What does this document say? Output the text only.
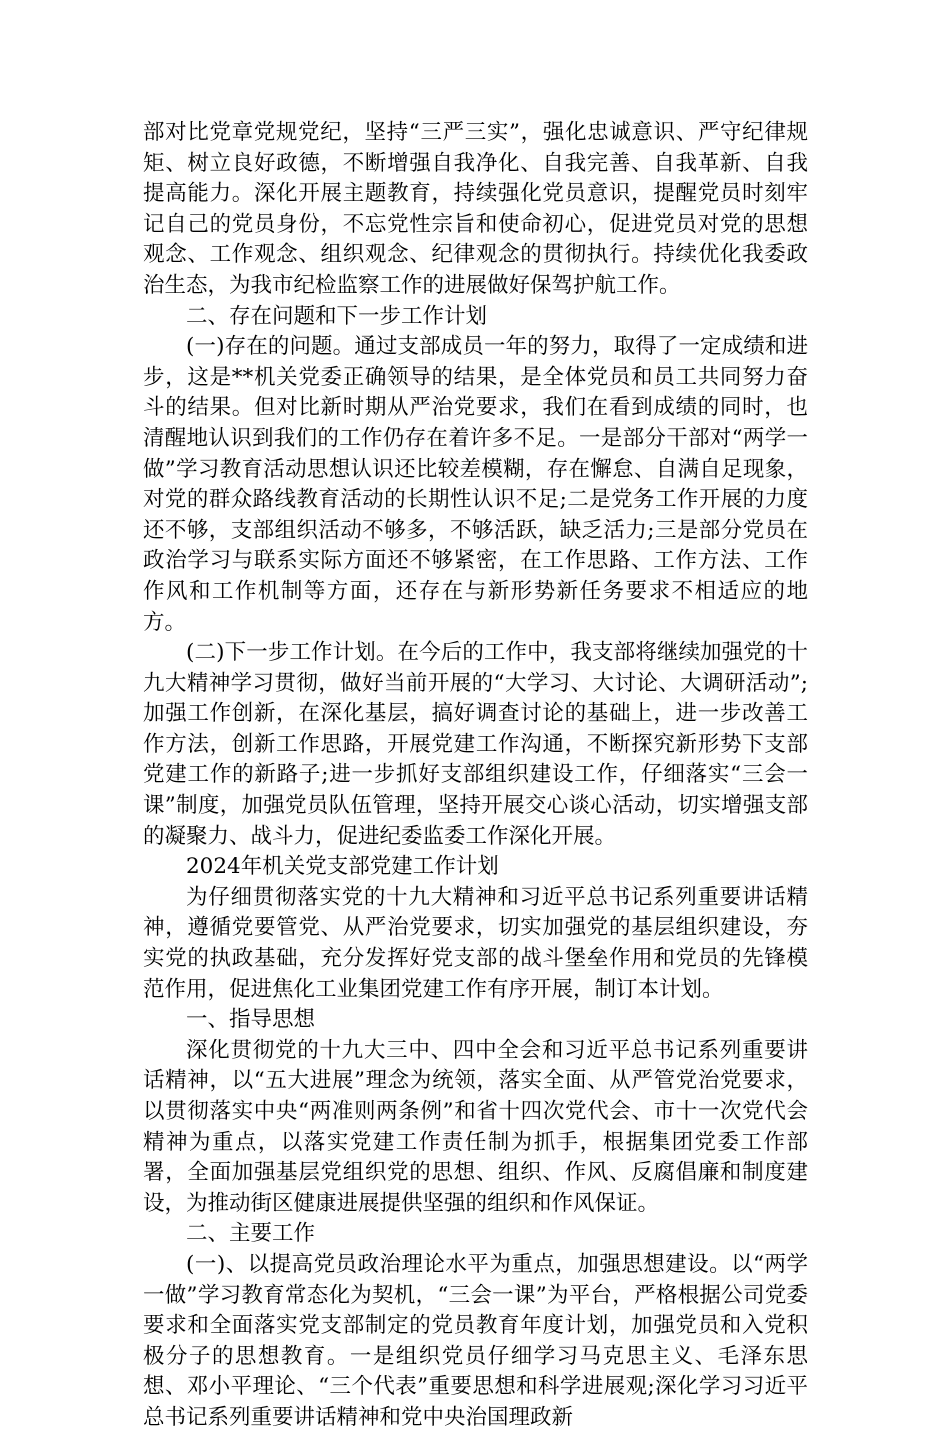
部对比党章党规党纪，坚持“三严三实”，强化忠诚意识、严守纪律规矩、树立良好政德，不断增强自我净化、自我完善、自我革新、自我提高能力。深化开展主题教育，持续强化党员意识，提醒党员时刻牢记自己的党员身份，不忘党性宗旨和使命初心，促进党员对党的思想观念、工作观念、组织观念、纪律观念的贯彻执行。持续优化我委政治生态，为我市纪检监察工作的进展做好保驾护航工作。

二、存在问题和下一步工作计划

(一)存在的问题。通过支部成员一年的努力，取得了一定成绩和进步，这是**机关党委正确领导的结果，是全体党员和员工共同努力奋斗的结果。但对比新时期从严治党要求，我们在看到成绩的同时，也清醒地认识到我们的工作仍存在着许多不足。一是部分干部对“两学一做”学习教育活动思想认识还比较差模糊，存在懈怠、自满自足现象，对党的群众路线教育活动的长期性认识不足;二是党务工作开展的力度还不够，支部组织活动不够多，不够活跃，缺乏活力;三是部分党员在政治学习与联系实际方面还不够紧密，在工作思路、工作方法、工作作风和工作机制等方面，还存在与新形势新任务要求不相适应的地方。

(二)下一步工作计划。在今后的工作中，我支部将继续加强党的十九大精神学习贯彻，做好当前开展的“大学习、大讨论、大调研活动”;加强工作创新，在深化基层，搞好调查讨论的基础上，进一步改善工作方法，创新工作思路，开展党建工作沟通，不断探究新形势下支部党建工作的新路子;进一步抓好支部组织建设工作，仔细落实“三会一课”制度，加强党员队伍管理，坚持开展交心谈心活动，切实增强支部的凝聚力、战斗力，促进纪委监委工作深化开展。

2024年机关党支部党建工作计划

为仔细贯彻落实党的十九大精神和习近平总书记系列重要讲话精神，遵循党要管党、从严治党要求，切实加强党的基层组织建设，夯实党的执政基础，充分发挥好党支部的战斗堡垒作用和党员的先锋模范作用，促进焦化工业集团党建工作有序开展，制订本计划。

一、指导思想

深化贯彻党的十九大三中、四中全会和习近平总书记系列重要讲话精神，以“五大进展”理念为统领，落实全面、从严管党治党要求，以贯彻落实中央“两准则两条例”和省十四次党代会、市十一次党代会精神为重点，以落实党建工作责任制为抓手，根据集团党委工作部署，全面加强基层党组织党的思想、组织、作风、反腐倡廉和制度建设，为推动街区健康进展提供坚强的组织和作风保证。

二、主要工作

(一)、以提高党员政治理论水平为重点，加强思想建设。以“两学一做”学习教育常态化为契机，“三会一课”为平台，严格根据公司党委要求和全面落实党支部制定的党员教育年度计划，加强党员和入党积极分子的思想教育。一是组织党员仔细学习马克思主义、毛泽东思想、邓小平理论、“三个代表”重要思想和科学进展观;深化学习习近平总书记系列重要讲话精神和党中央治国理政新
